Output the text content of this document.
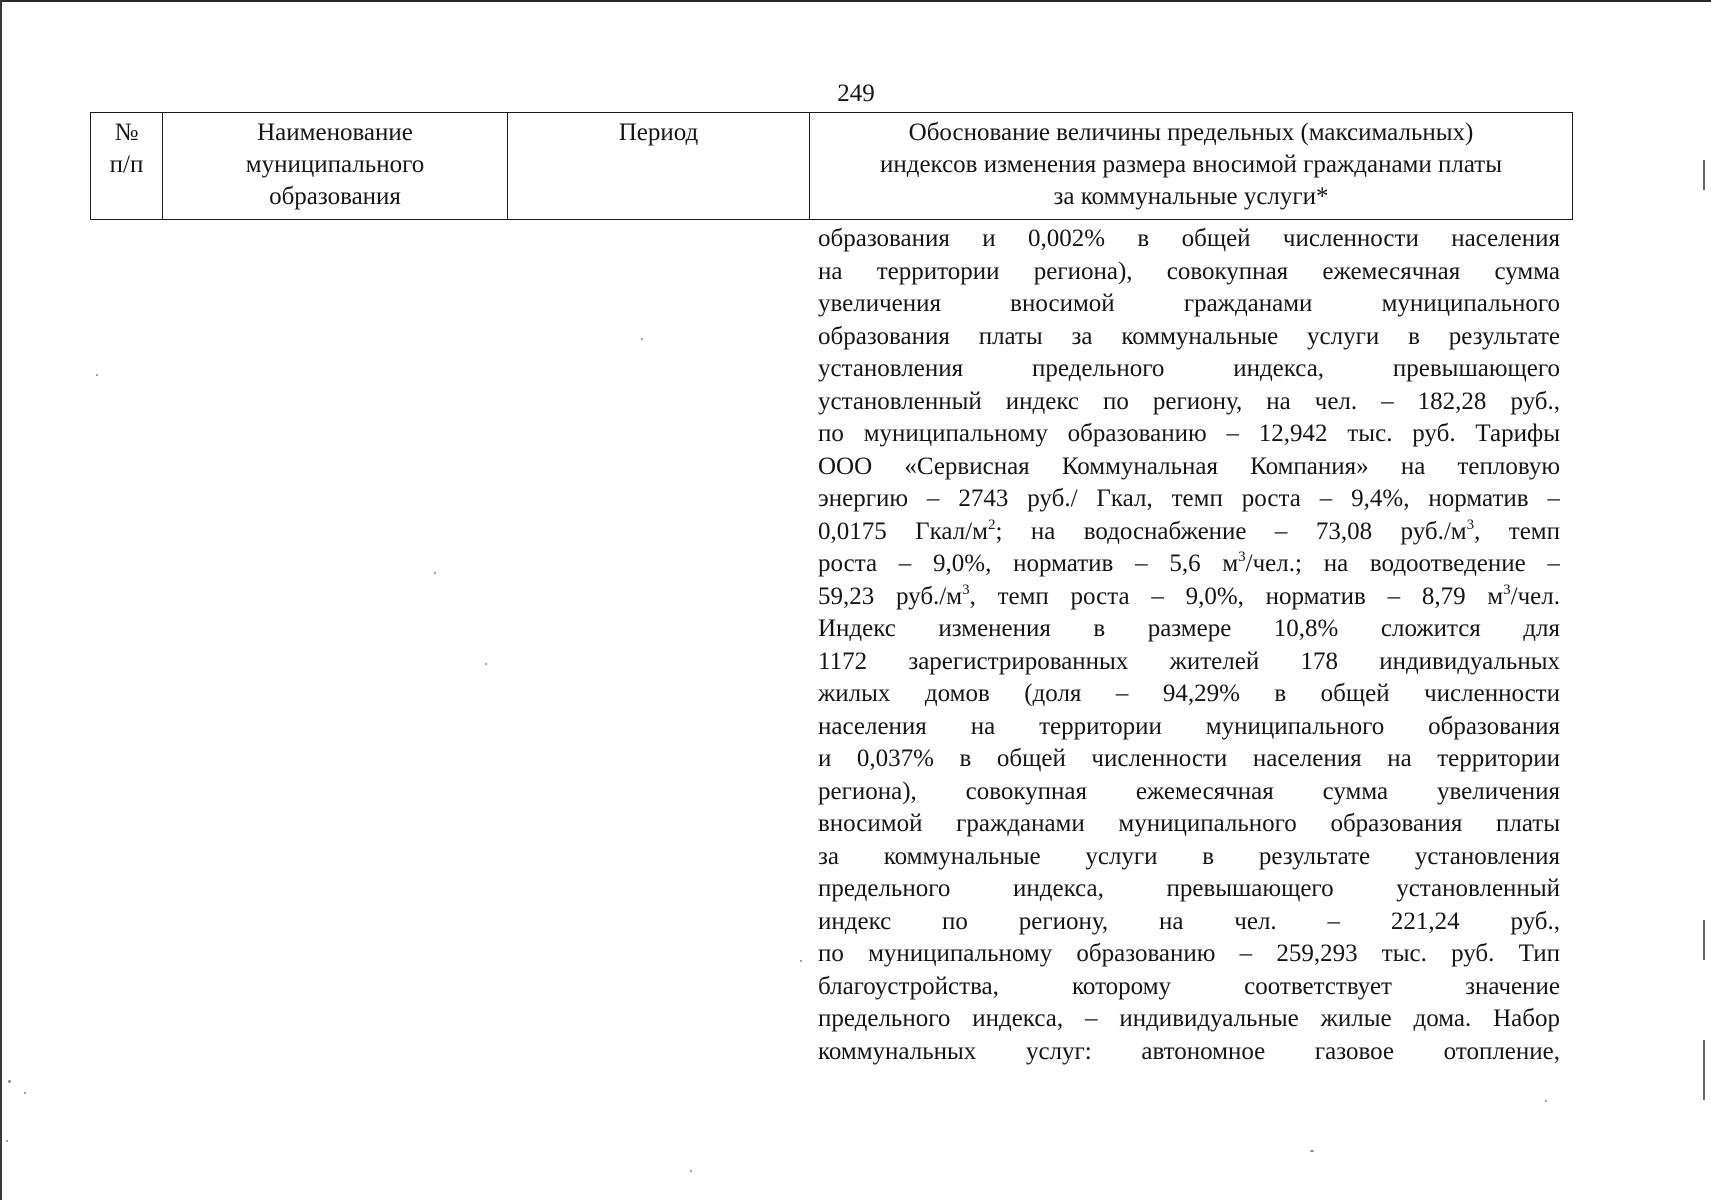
249
№
п/п
Наименование
муниципального
образования
Период	Обоснование величины предельных (максимальных)
индексов изменения размера вносимой гражданами платы
за коммунальные услуги*
образования и 0,002% в общей численности населения
на территории региона), совокупная ежемесячная сумма
увеличения вносимой гражданами муниципального
образования платы за коммунальные услуги в результате
установления предельного индекса, превышающего
установленный индекс по региону, на чел. – 182,28 руб.,
по муниципальному образованию – 12,942 тыс. руб. Тарифы
ООО «Сервисная Коммунальная Компания» на тепловую
энергию – 2743 руб./ Гкал, темп роста – 9,4%, норматив –
0,0175 Гкал/$м^2$; на водоснабжение – 73,08 $руб./м^3$, темп
роста – 9,0%, норматив – 5,6 $м^3$/чел.; на водоотведение –
59,23 $руб./м^3$, темп роста – 9,0%, норматив – 8,79 $м^3$/чел.
Индекс изменения в размере 10,8% сложится для
1172 зарегистрированных жителей 178 индивидуальных
жилых домов (доля – 94,29% в общей численности
населения на территории муниципального образования
и 0,037% в общей численности населения на территории
региона), совокупная ежемесячная сумма увеличения
вносимой гражданами муниципального образования платы
за коммунальные услуги в результате установления
предельного индекса, превышающего установленный
индекс по региону, на чел. – 221,24 руб.,
по муниципальному образованию – 259,293 тыс. руб. Тип
благоустройства, которому соответствует значение
предельного индекса, – индивидуальные жилые дома. Набор
коммунальных услуг: автономное газовое отопление,
